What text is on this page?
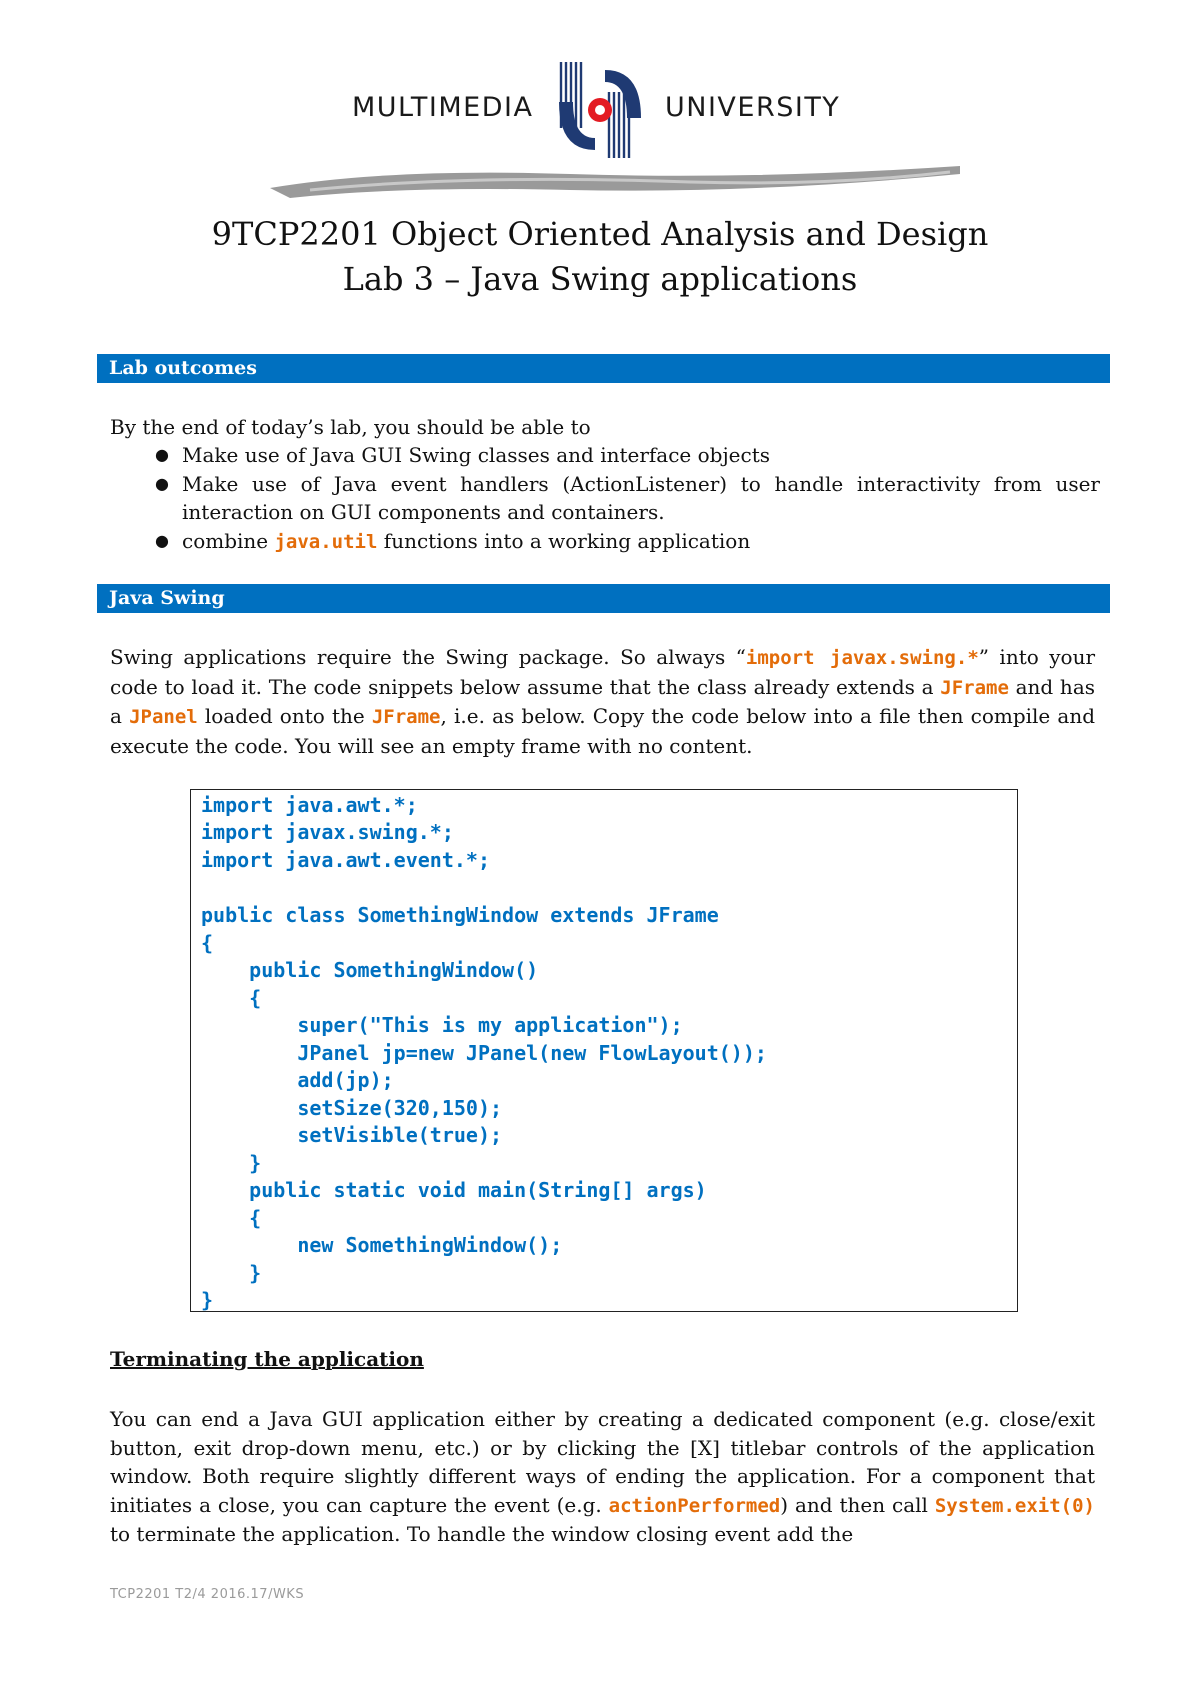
MULTIMEDIA	UNIVERSITY
9TCP2201 Object Oriented Analysis and Design
Lab 3 – Java Swing applications
Lab outcomes
By the end of today’s lab, you should be able to
● Make use of Java GUI Swing classes and interface objects
● Make use of Java event handlers (ActionListener) to handle interactivity from user interaction on GUI components and containers.
● combine java.util functions into a working application
Java Swing
Swing applications require the Swing package. So always “import javax.swing.*” into your code to load it. The code snippets below assume that the class already extends a JFrame and has a JPanel loaded onto the JFrame, i.e. as below. Copy the code below into a file then compile and execute the code. You will see an empty frame with no content.
import java.awt.*;
import javax.swing.*;
import java.awt.event.*;
public class SomethingWindow extends JFrame
{
public SomethingWindow()
{
super("This is my application");
JPanel jp=new JPanel(new FlowLayout());
add(jp);
setSize(320,150);
setVisible(true);
}
public static void main(String[] args)
{
new SomethingWindow();
}
}
Terminating the application
You can end a Java GUI application either by creating a dedicated component (e.g. close/exit button, exit drop-down menu, etc.) or by clicking the [X] titlebar controls of the application window. Both require slightly different ways of ending the application. For a component that initiates a close, you can capture the event (e.g. actionPerformed) and then call System.exit(0) to terminate the application. To handle the window closing event add the
TCP2201 T2/4 2016.17/WKS
